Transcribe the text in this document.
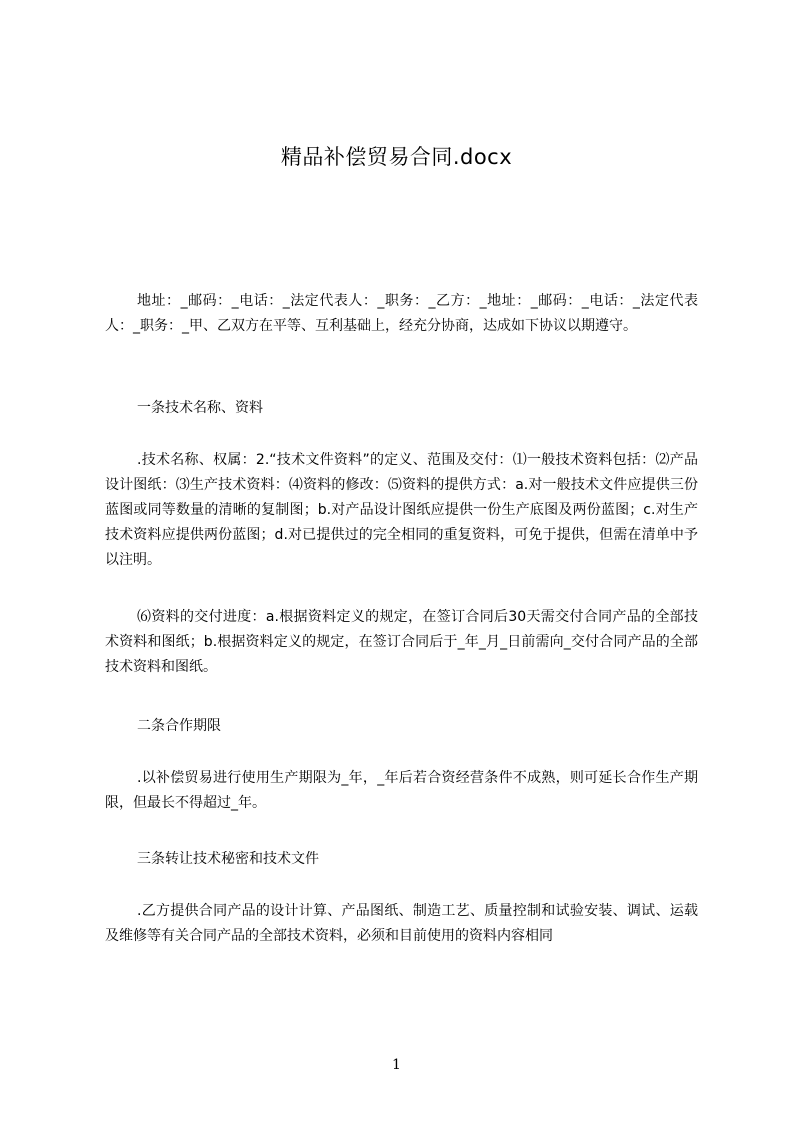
精品补偿贸易合同.docx

地址：_邮码：_电话：_法定代表人：_职务：_乙方：_地址：_邮码：_电话：_法定代表人：_职务：_甲、乙双方在平等、互利基础上，经充分协商，达成如下协议以期遵守。

一条技术名称、资料

.技术名称、权属：2.“技术文件资料”的定义、范围及交付：⑴一般技术资料包括：⑵产品设计图纸：⑶生产技术资料：⑷资料的修改：⑸资料的提供方式：a.对一般技术文件应提供三份蓝图或同等数量的清晰的复制图；b.对产品设计图纸应提供一份生产底图及两份蓝图；c.对生产技术资料应提供两份蓝图；d.对已提供过的完全相同的重复资料，可免于提供，但需在清单中予以注明。

⑹资料的交付进度：a.根据资料定义的规定，在签订合同后30天需交付合同产品的全部技术资料和图纸；b.根据资料定义的规定，在签订合同后于_年_月_日前需向_交付合同产品的全部技术资料和图纸。

二条合作期限

.以补偿贸易进行使用生产期限为_年，_年后若合资经营条件不成熟，则可延长合作生产期限，但最长不得超过_年。

三条转让技术秘密和技术文件

.乙方提供合同产品的设计计算、产品图纸、制造工艺、质量控制和试验安装、调试、运载及维修等有关合同产品的全部技术资料，必须和目前使用的资料内容相同

1
